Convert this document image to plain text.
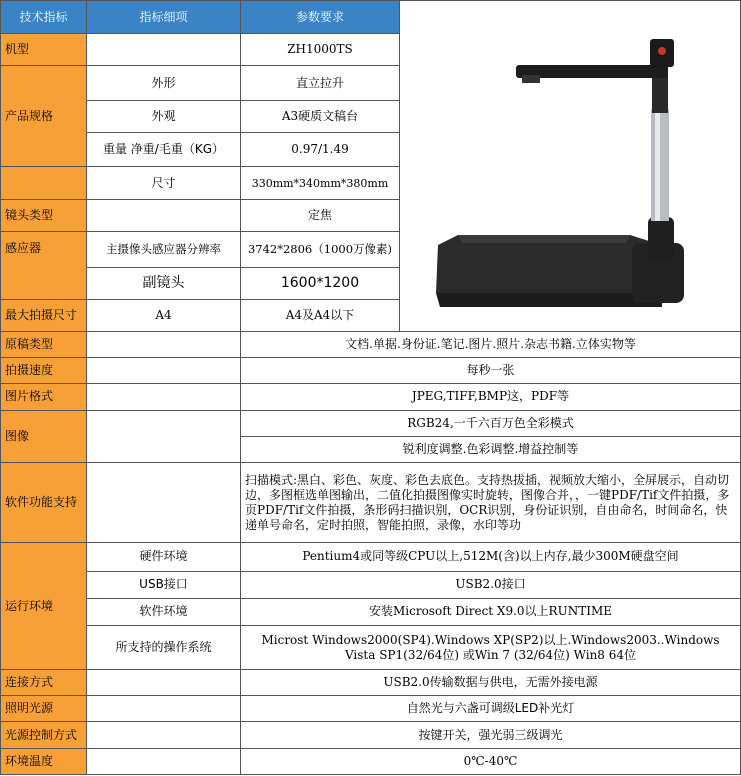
技术指标	指标细项	参数要求	
机型		ZH1000TS	
产品规格	外形	直立拉升	
	外观	A3硬质文稿台	
	重量 净重/毛重（KG）	0.97/1.49	
	尺寸	330mm*340mm*380mm	
镜头类型		定焦	
感应器	主摄像头感应器分辨率	3742*2806（1000万像素)	
	副镜头	1600*1200	
最大拍摄尺寸	A4	A4及A4以下	
原稿类型		文档.单据.身份证.笔记.图片.照片.杂志书籍.立体实物等	
拍摄速度		每秒一张	
图片格式		JPEG,TIFF,BMP这，PDF等	
图像		RGB24,一千六百万色全彩模式	
		锐利度调整.色彩调整.增益控制等	
软件功能支持		扫描模式:黑白、彩色、灰度、彩色去底色。支持热拔插，视频放大缩小，全屏展示，自动切边，多图框选单图输出，二值化拍摄图像实时旋转，图像合并，，一键PDF/Tif文件拍摄，多页PDF/Tif文件拍摄，条形码扫描识别，OCR识别，身份证识别，自由命名，时间命名，快递单号命名，定时拍照，智能拍照，录像，水印等功	
运行环境	硬件环境	Pentium4或同等级CPU以上,512M(含)以上内存,最少300M硬盘空间	
	USB接口	USB2.0接口	
	软件环境	安装Microsoft Direct X9.0以上RUNTIME	
	所支持的操作系统	Microst Windows2000(SP4).Windows XP(SP2)以上.Windows2003..Windows Vista SP1(32/64位) 或Win 7 (32/64位) Win8 64位	
连接方式		USB2.0传输数据与供电，无需外接电源	
照明光源		自然光与六盏可调级LED补光灯	
光源控制方式		按键开关，强光弱三级调光	
环境温度		0℃-40℃	
